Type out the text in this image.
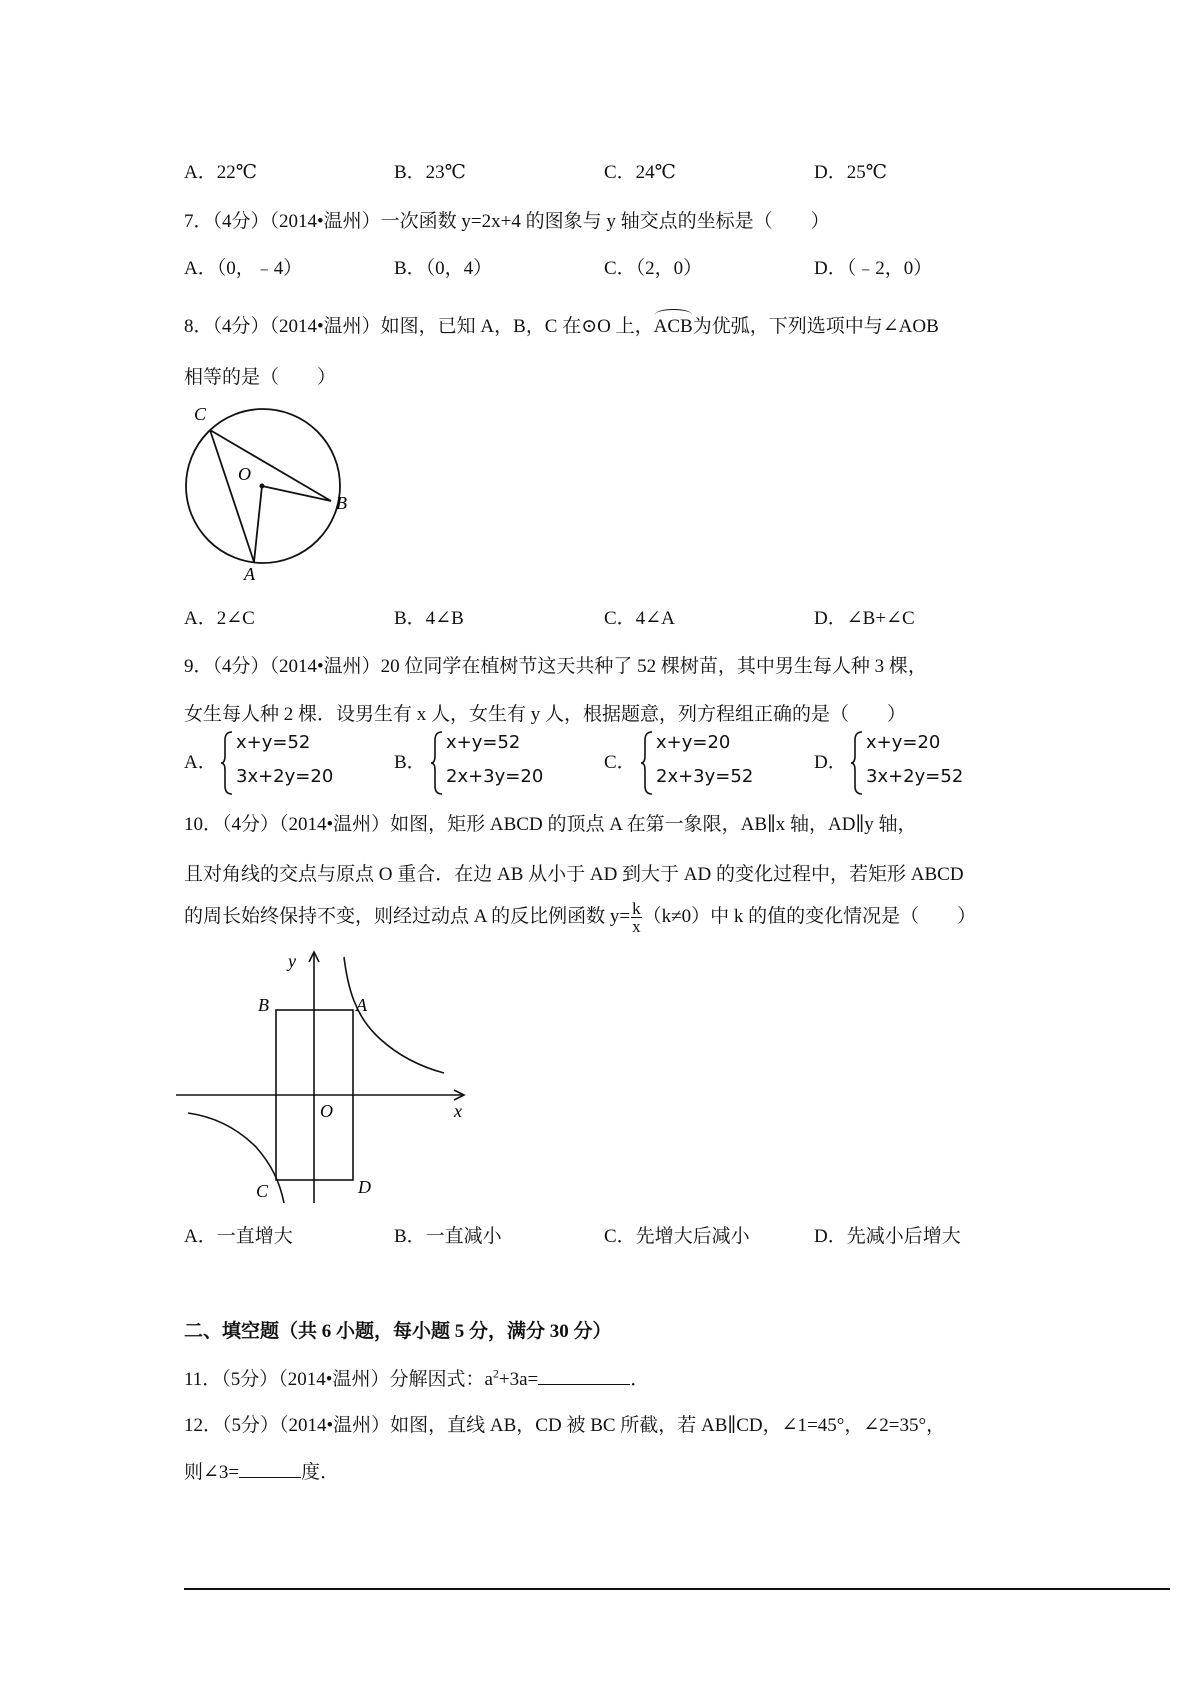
A．22℃	B．23℃	C．24℃	D．25℃
7．（4分）（2014•温州）一次函数 y=2x+4 的图象与 y 轴交点的坐标是（　　）
A．（0，﹣4）	B．（0，4）	C．（2，0）	D．（﹣2，0）
8．（4分）（2014•温州）如图，已知 A，B，C 在⊙O 上，ACB为优弧，下列选项中与∠AOB
相等的是（　　）
C
O
B
A
A．2∠C	B．4∠B	C．4∠A	D．∠B+∠C
9．（4分）（2014•温州）20 位同学在植树节这天共种了 52 棵树苗，其中男生每人种 3 棵，
女生每人种 2 棵．设男生有 x 人，女生有 y 人，根据题意，列方程组正确的是（　　）
A．
x+y=52
3x+2y=20
B．
x+y=52
2x+3y=20
C．
x+y=20
2x+3y=52
D．
x+y=20
3x+2y=52
10．（4分）（2014•温州）如图，矩形 ABCD 的顶点 A 在第一象限，AB∥x 轴，AD∥y 轴，
且对角线的交点与原点 O 重合．在边 AB 从小于 AD 到大于 AD 的变化过程中，若矩形 ABCD
的周长始终保持不变，则经过动点 A 的反比例函数 $y= \frac{k}{x} (k\ne 0)$中 k 的值的变化情况是（　　）
y
x
B	A
O
C	D
A．一直增大	B．一直减小	C．先增大后减小	D．先减小后增大
二、填空题（共 6 小题，每小题 5 分，满分 30 分）
11．（5分）（2014•温州）分解因式：$a^2+3a=$	．
12．（5分）（2014•温州）如图，直线 AB，CD 被 BC 所截，若 AB∥CD，∠1=45°，∠2=35°，
则∠3=	度．
